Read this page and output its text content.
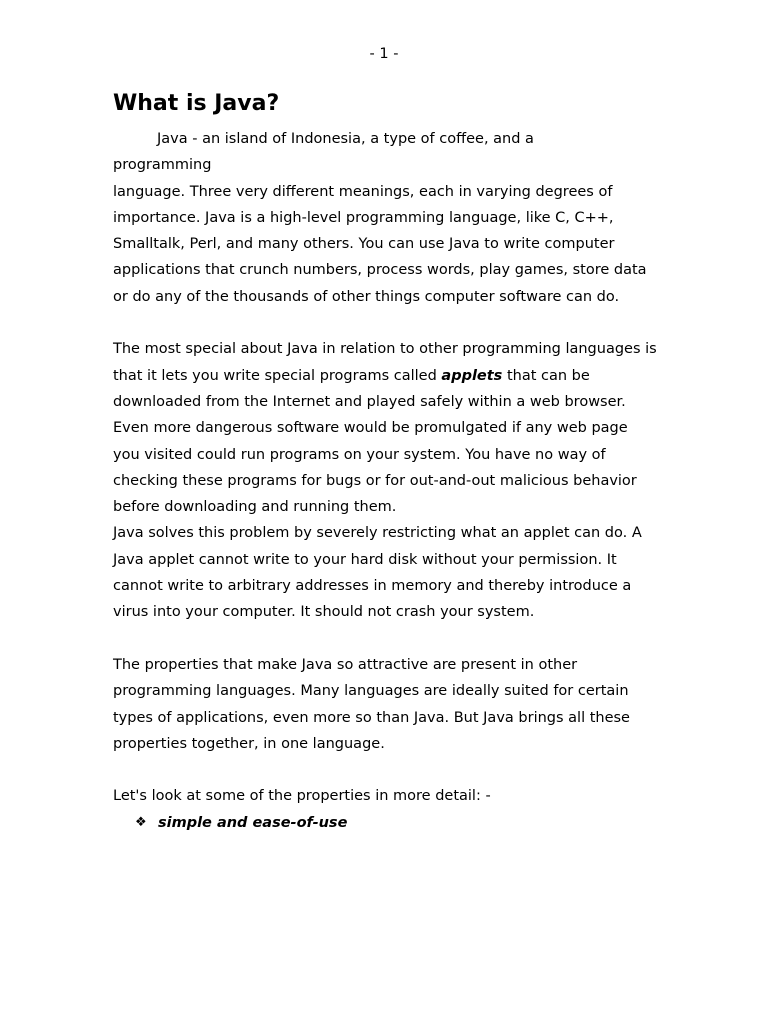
- 1 -
What is Java?

Java - an island of Indonesia, a type of coffee, and a
programming
language. Three very different meanings, each in varying degrees of importance. Java is a high-level programming language, like C, C++, Smalltalk, Perl, and many others. You can use Java to write computer applications that crunch numbers, process words, play games, store data or do any of the thousands of other things computer software can do.

The most special about Java in relation to other programming languages is that it lets you write special programs called applets that can be downloaded from the Internet and played safely within a web browser.

Even more dangerous software would be promulgated if any web page you visited could run programs on your system. You have no way of checking these programs for bugs or for out-and-out malicious behavior before downloading and running them.

Java solves this problem by severely restricting what an applet can do. A Java applet cannot write to your hard disk without your permission. It cannot write to arbitrary addresses in memory and thereby introduce a virus into your computer. It should not crash your system.

The properties that make Java so attractive are present in other programming languages. Many languages are ideally suited for certain types of applications, even more so than Java. But Java brings all these properties together, in one language.

Let's look at some of the properties in more detail: -

❖ simple and ease-of-use
